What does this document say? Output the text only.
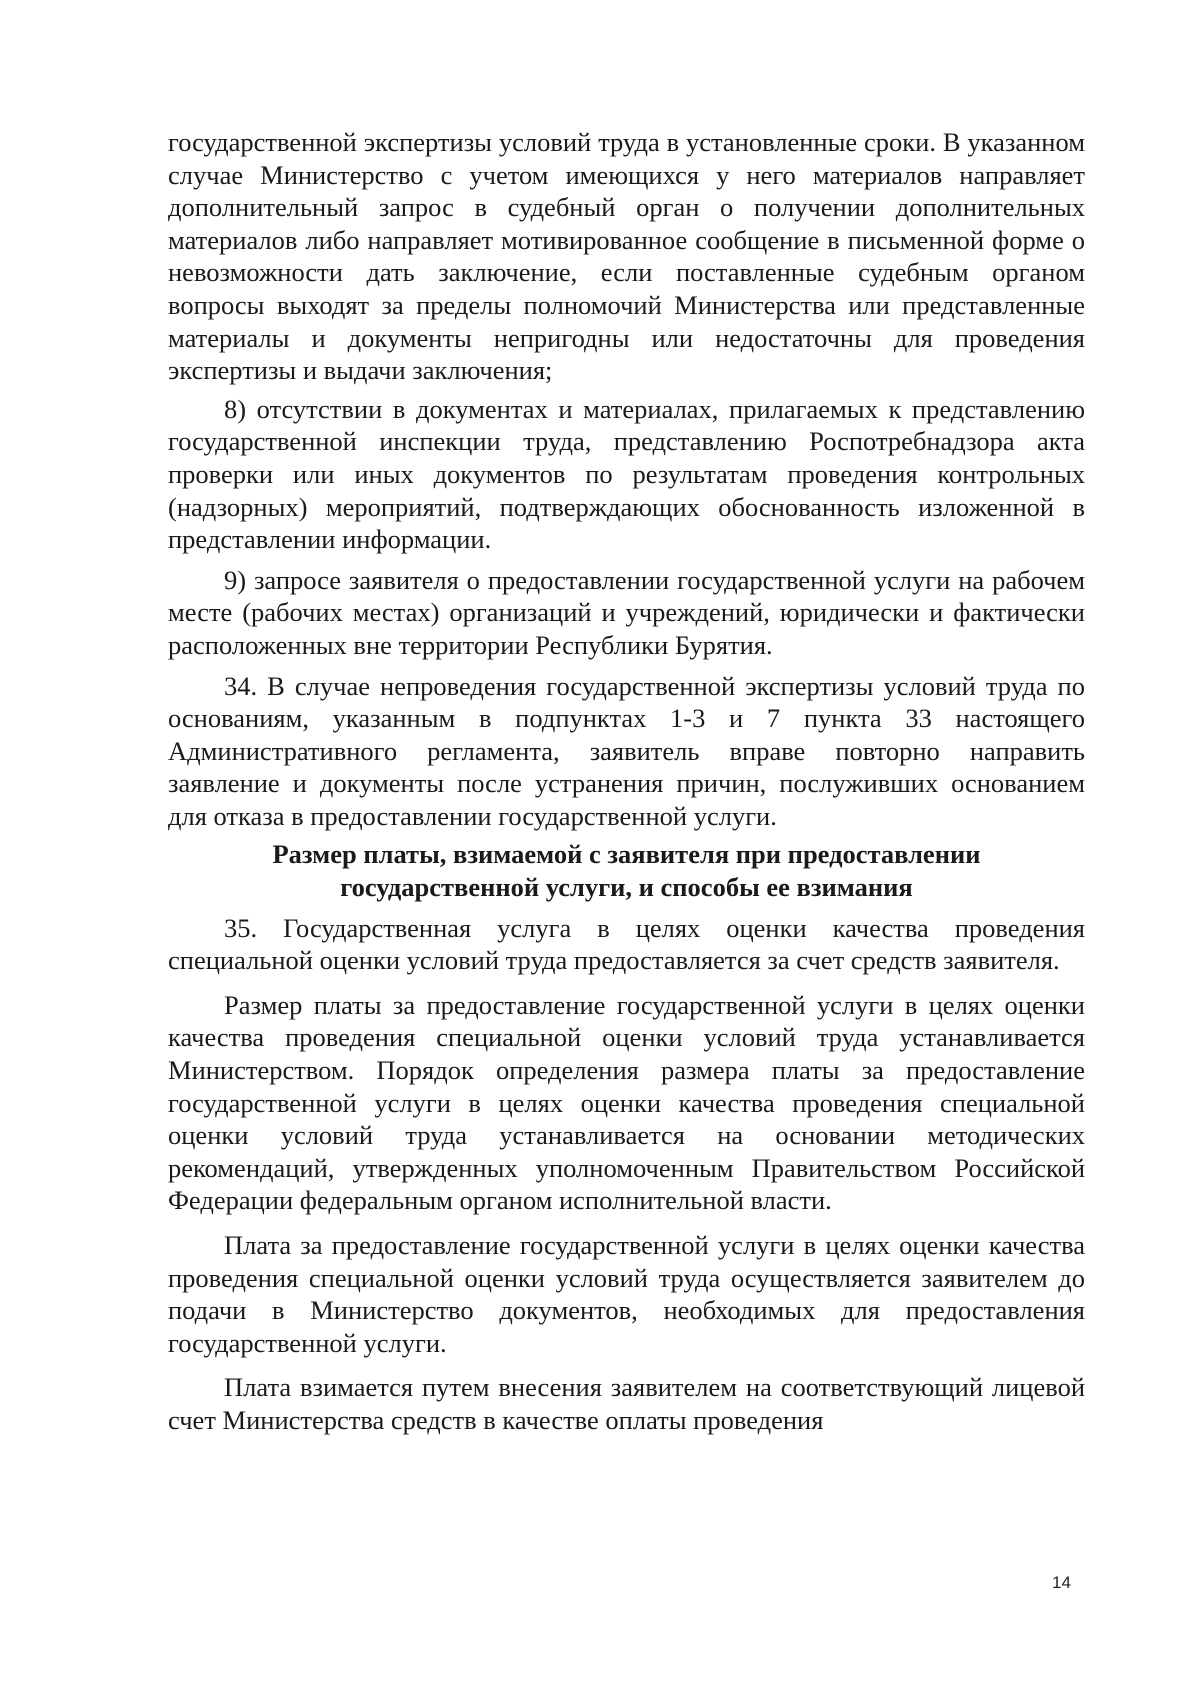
государственной экспертизы условий труда в установленные сроки. В указанном случае Министерство с учетом имеющихся у него материалов направляет дополнительный запрос в судебный орган о получении дополнительных материалов либо направляет мотивированное сообщение в письменной форме о невозможности дать заключение, если поставленные судебным органом вопросы выходят за пределы полномочий Министерства или представленные материалы и документы непригодны или недостаточны для проведения экспертизы и выдачи заключения;

8) отсутствии в документах и материалах, прилагаемых к представлению государственной инспекции труда, представлению Роспотребнадзора акта проверки или иных документов по результатам проведения контрольных (надзорных) мероприятий, подтверждающих обоснованность изложенной в представлении информации.

9) запросе заявителя о предоставлении государственной услуги на рабочем месте (рабочих местах) организаций и учреждений, юридически и фактически расположенных вне территории Республики Бурятия.

34. В случае непроведения государственной экспертизы условий труда по основаниям, указанным в подпунктах 1-3 и 7 пункта 33 настоящего Административного регламента, заявитель вправе повторно направить заявление и документы после устранения причин, послуживших основанием для отказа в предоставлении государственной услуги.

Размер платы, взимаемой с заявителя при предоставлении
государственной услуги, и способы ее взимания

35. Государственная услуга в целях оценки качества проведения специальной оценки условий труда предоставляется за счет средств заявителя.

Размер платы за предоставление государственной услуги в целях оценки качества проведения специальной оценки условий труда устанавливается Министерством. Порядок определения размера платы за предоставление государственной услуги в целях оценки качества проведения специальной оценки условий труда устанавливается на основании методических рекомендаций, утвержденных уполномоченным Правительством Российской Федерации федеральным органом исполнительной власти.

Плата за предоставление государственной услуги в целях оценки качества проведения специальной оценки условий труда осуществляется заявителем до подачи в Министерство документов, необходимых для предоставления государственной услуги.

Плата взимается путем внесения заявителем на соответствующий лицевой счет Министерства средств в качестве оплаты проведения

14
